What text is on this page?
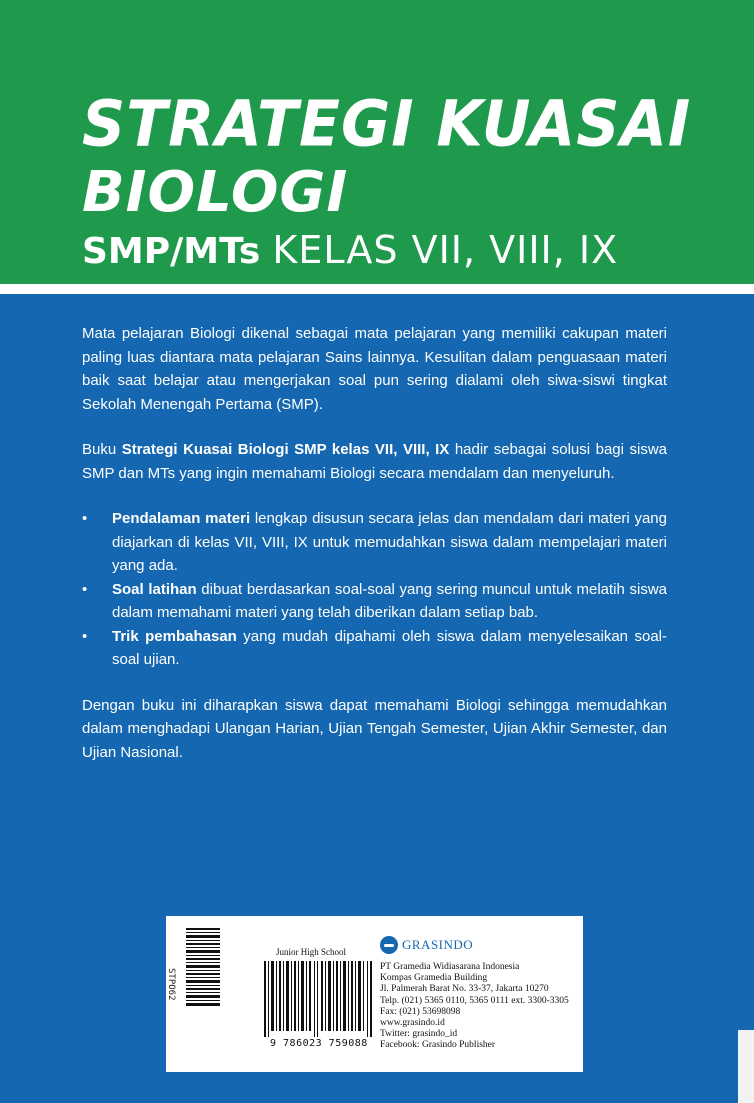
STRATEGI KUASAI
BIOLOGI
SMP/MTs KELAS VII, VIII, IX

Mata pelajaran Biologi dikenal sebagai mata pelajaran yang memiliki cakupan materi paling luas diantara mata pelajaran Sains lainnya. Kesulitan dalam penguasaan materi baik saat belajar atau mengerjakan soal pun sering dialami oleh siwa-siswi tingkat Sekolah Menengah Pertama (SMP).

Buku Strategi Kuasai Biologi SMP kelas VII, VIII, IX hadir sebagai solusi bagi siswa SMP dan MTs yang ingin memahami Biologi secara mendalam dan menyeluruh.

• Pendalaman materi lengkap disusun secara jelas dan mendalam dari materi yang diajarkan di kelas VII, VIII, IX untuk memudahkan siswa dalam mempelajari materi yang ada.
• Soal latihan dibuat berdasarkan soal-soal yang sering muncul untuk melatih siswa dalam memahami materi yang telah diberikan dalam setiap bab.
• Trik pembahasan yang mudah dipahami oleh siswa dalam menyelesaikan soal-soal ujian.

Dengan buku ini diharapkan siswa dapat memahami Biologi sehingga memudahkan dalam menghadapi Ulangan Harian, Ujian Tengah Semester, Ujian Akhir Semester, dan Ujian Nasional.

STPO62
Junior High School
9 786023 759088
GRASINDO
PT Gramedia Widiasarana Indonesia
Kompas Gramedia Building
Jl. Palmerah Barat No. 33-37, Jakarta 10270
Telp. (021) 5365 0110, 5365 0111 ext. 3300-3305
Fax: (021) 53698098
www.grasindo.id
Twitter: grasindo_id
Facebook: Grasindo Publisher
